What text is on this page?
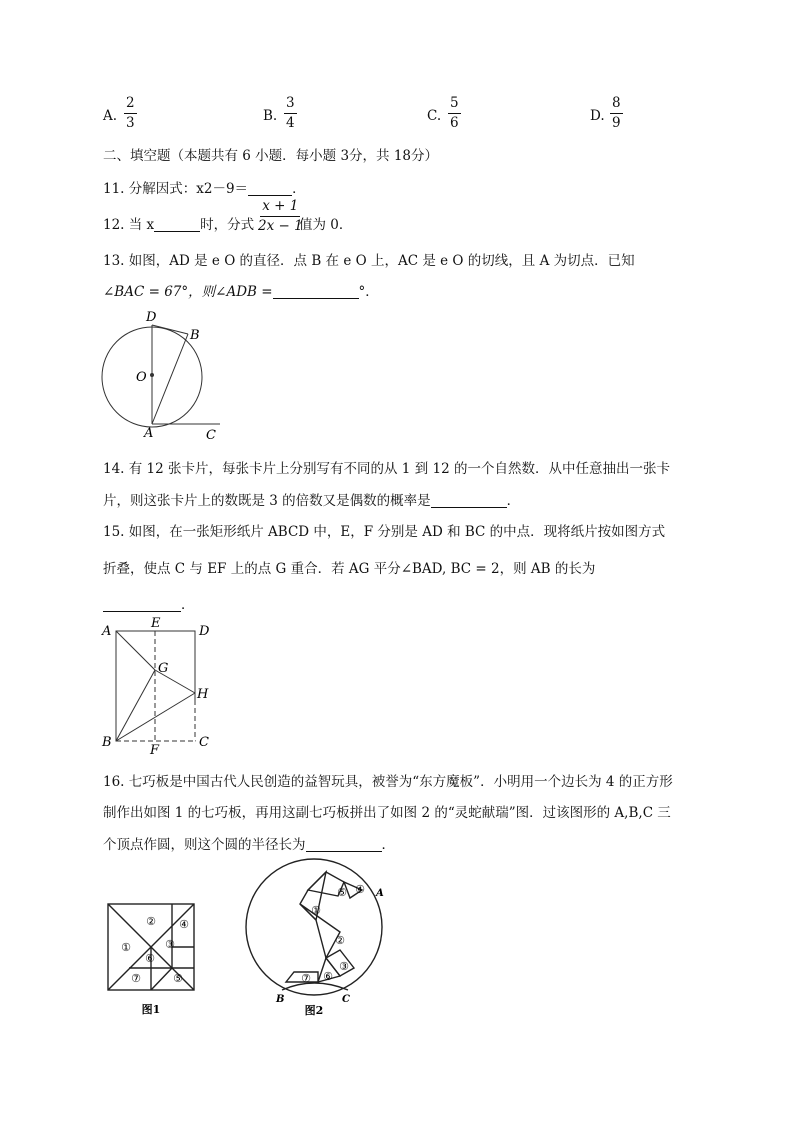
A. $\frac{2}{3}$	B. $\frac{3}{4}$	C. $\frac{5}{6}$	D. $\frac{8}{9}$
二、填空题（本题共有 6 小题．每小题 3分，共 18分）
11. 分解因式：x2－9＝	．
12. 当 x	时，分式 $\frac{x + 1}{2x - 1}$
值为 0．
13. 如图，AD 是 e O 的直径．点 B 在 e O 上，AC 是 e O 的切线，且 A 为切点．已知
∠BAC = 67°，则∠ADB =	°．
D
B
O
A	C
14. 有 12 张卡片，每张卡片上分别写有不同的从 1 到 12 的一个自然数．从中任意抽出一张卡
片，则这张卡片上的数既是 3 的倍数又是偶数的概率是	．
15. 如图，在一张矩形纸片 ABCD 中，E，F 分别是 AD 和 BC 的中点．现将纸片按如图方式
折叠，使点 C 与 EF 上的点 G 重合．若 AG 平分∠BAD, BC = 2，则 AB 的长为
．
A
E
D
G
H
B
F
C
16. 七巧板是中国古代人民创造的益智玩具，被誉为“东方魔板”．小明用一个边长为 4 的正方形
制作出如图 1 的七巧板，再用这副七巧板拼出了如图 2 的“灵蛇献瑞”图．过该图形的 A,B,C 三
个顶点作圆，则这个圆的半径长为	．
①
②
③
④
⑤
⑥
⑦
图1
①
②
③
④
⑤
⑥
⑦
A
B	C
图2
